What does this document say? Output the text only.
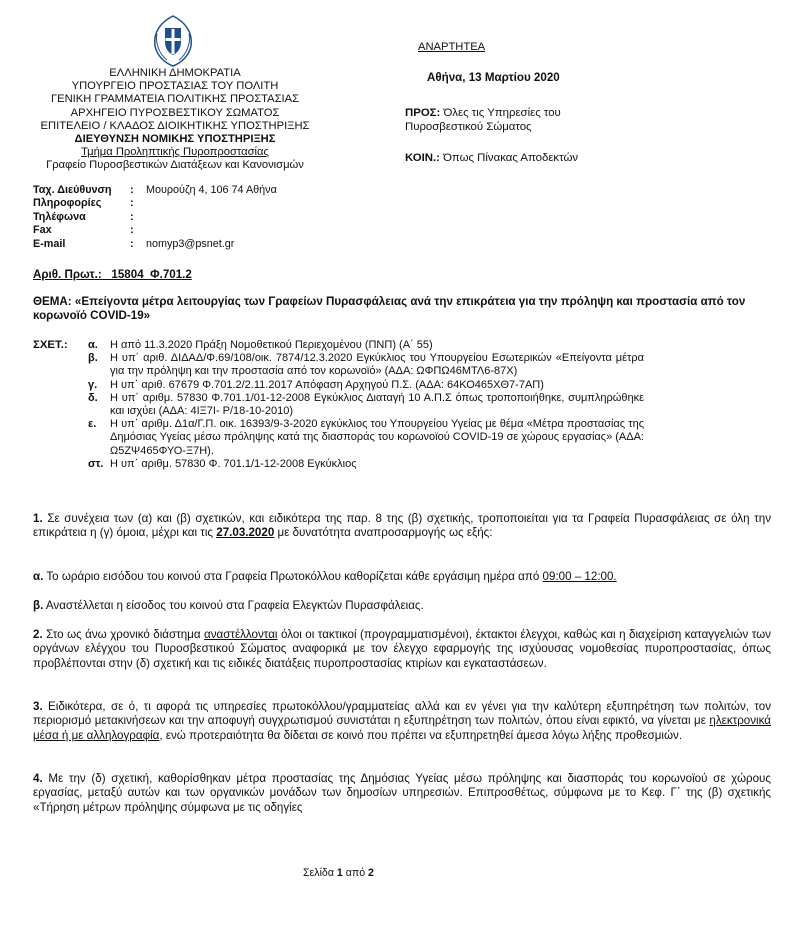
ΕΛΛΗΝΙΚΗ ΔΗΜΟΚΡΑΤΙΑ
ΥΠΟΥΡΓΕΙΟ ΠΡΟΣΤΑΣΙΑΣ ΤΟΥ ΠΟΛΙΤΗ
ΓΕΝΙΚΗ ΓΡΑΜΜΑΤΕΙΑ ΠΟΛΙΤΙΚΗΣ ΠΡΟΣΤΑΣΙΑΣ
ΑΡΧΗΓΕΙΟ ΠΥΡΟΣΒΕΣΤΙΚΟΥ ΣΩΜΑΤΟΣ
ΕΠΙΤΕΛΕΙΟ / ΚΛΑΔΟΣ ΔΙΟΙΚΗΤΙΚΗΣ ΥΠΟΣΤΗΡΙΞΗΣ
ΔΙΕΥΘΥΝΣΗ ΝΟΜΙΚΗΣ ΥΠΟΣΤΗΡΙΞΗΣ
Τμήμα Προληπτικής Πυροπροστασίας
Γραφείο Πυροσβεστικών Διατάξεων και Κανονισμών
ΑΝΑΡΤΗΤΕΑ
Αθήνα, 13 Μαρτίου 2020
ΠΡΟΣ: Όλες τις Υπηρεσίες του Πυροσβεστικού Σώματος
ΚΟΙΝ.: Όπως Πίνακας Αποδεκτών
Ταχ. Διεύθυνση	:	Μουρούζη 4, 106 74 Αθήνα
Πληροφορίες	:
Τηλέφωνα	:
Fax	:
E-mail	:	nomyp3@psnet.gr
Αριθ. Πρωτ.:   15804  Φ.701.2
ΘΕΜΑ: «Επείγοντα μέτρα λειτουργίας των Γραφείων Πυρασφάλειας ανά την επικράτεια για την πρόληψη και προστασία από τον κορωνοϊό COVID-19»
ΣΧΕΤ.: α.	Η από 11.3.2020 Πράξη Νομοθετικού Περιεχομένου (ΠΝΠ) (Α΄ 55)
β.	Η υπ΄ αριθ. ΔΙΔΑΔ/Φ.69/108/οικ. 7874/12.3.2020 Εγκύκλιος του Υπουργείου Εσωτερικών «Επείγοντα μέτρα για την πρόληψη και την προστασία από τον κορωνοϊό» (ΑΔΑ: ΩΦΠΩ46ΜΤΛ6-87Χ)
γ.	Η υπ΄ αριθ. 67679 Φ.701.2/2.11.2017 Απόφαση Αρχηγού Π.Σ. (ΑΔΑ: 64ΚΟ465ΧΘ7-7ΑΠ)
δ.	Η υπ΄ αριθμ. 57830 Φ.701.1/01-12-2008 Εγκύκλιος Διαταγή 10 Α.Π.Σ όπως τροποποιήθηκε, συμπληρώθηκε και ισχύει (ΑΔΑ: 4ΙΞ7Ι- Ρ/18-10-2010)
ε.	Η υπ΄ αριθμ. Δ1α/Γ.Π. οικ. 16393/9-3-2020 εγκύκλιος του Υπουργείου Υγείας με θέμα «Μέτρα προστασίας της Δημόσιας Υγείας μέσω πρόληψης κατά της διασποράς του κορωνοϊού COVID-19 σε χώρους εργασίας» (ΑΔΑ: Ω5ΖΨ465ΦΥΟ-Ξ7Η).
στ. Η υπ΄ αριθμ. 57830 Φ. 701.1/1-12-2008 Εγκύκλιος
1. Σε συνέχεια των (α) και (β) σχετικών, και ειδικότερα της παρ. 8 της (β) σχετικής, τροποποιείται για τα Γραφεία Πυρασφάλειας σε όλη την επικράτεια η (γ) όμοια, μέχρι και τις 27.03.2020 με δυνατότητα αναπροσαρμογής ως εξής:
α. Το ωράριο εισόδου του κοινού στα Γραφεία Πρωτοκόλλου καθορίζεται κάθε εργάσιμη ημέρα από 09:00 – 12:00.
β. Αναστέλλεται η είσοδος του κοινού στα Γραφεία Ελεγκτών Πυρασφάλειας.
2. Στο ως άνω χρονικό διάστημα αναστέλλονται όλοι οι τακτικοί (προγραμματισμένοι), έκτακτοι έλεγχοι, καθώς και η διαχείριση καταγγελιών των οργάνων ελέγχου του Πυροσβεστικού Σώματος αναφορικά με τον έλεγχο εφαρμογής της ισχύουσας νομοθεσίας πυροπροστασίας, όπως προβλέπονται στην (δ) σχετική και τις ειδικές διατάξεις πυροπροστασίας κτιρίων και εγκαταστάσεων.
3. Ειδικότερα, σε ό, τι αφορά τις υπηρεσίες πρωτοκόλλου/γραμματείας αλλά και εν γένει για την καλύτερη εξυπηρέτηση των πολιτών, τον περιορισμό μετακινήσεων και την αποφυγή συγχρωτισμού συνιστάται η εξυπηρέτηση των πολιτών, όπου είναι εφικτό, να γίνεται με ηλεκτρονικά μέσα ή με αλληλογραφία, ενώ προτεραιότητα θα δίδεται σε κοινό που πρέπει να εξυπηρετηθεί άμεσα λόγω λήξης προθεσμιών.
4. Με την (δ) σχετική, καθορίσθηκαν μέτρα προστασίας της Δημόσιας Υγείας μέσω πρόληψης και διασποράς του κορωνοϊού σε χώρους εργασίας, μεταξύ αυτών και των οργανικών μονάδων των δημοσίων υπηρεσιών. Επιπροσθέτως, σύμφωνα με το Κεφ. Γ΄ της (β) σχετικής «Τήρηση μέτρων πρόληψης σύμφωνα με τις οδηγίες
Σελίδα 1 από 2
